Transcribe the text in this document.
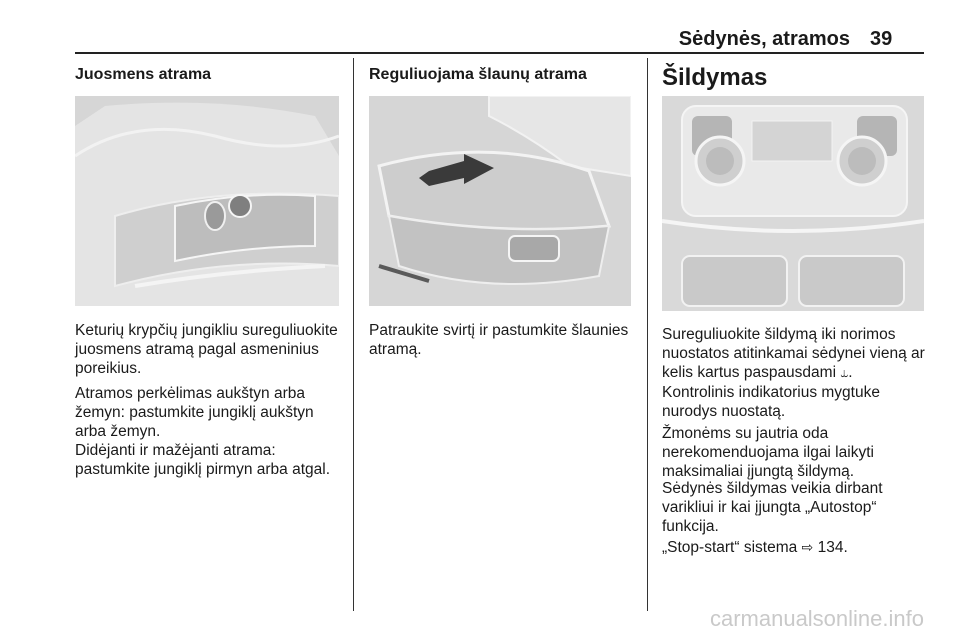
Sėdynės, atramos 39
Juosmens atrama

Keturių krypčių jungikliu sureguliuokite juosmens atramą pagal asmeninius poreikius.

Atramos perkėlimas aukštyn arba žemyn: pastumkite jungiklį aukštyn arba žemyn.

Didėjanti ir mažėjanti atrama: pastumkite jungiklį pirmyn arba atgal.

Reguliuojama šlaunų atrama

Patraukite svirtį ir pastumkite šlaunies atramą.

Šildymas

Sureguliuokite šildymą iki norimos nuostatos atitinkamai sėdynei vieną ar kelis kartus paspausdami ⥿. Kontrolinis indikatorius mygtuke nurodys nuostatą.

Žmonėms su jautria oda nerekomenduojama ilgai laikyti maksimaliai įjungtą šildymą.

Sėdynės šildymas veikia dirbant varikliui ir kai įjungta „Autostop“ funkcija.

„Stop-start“ sistema ⇨ 134.

carmanualsonline.info
